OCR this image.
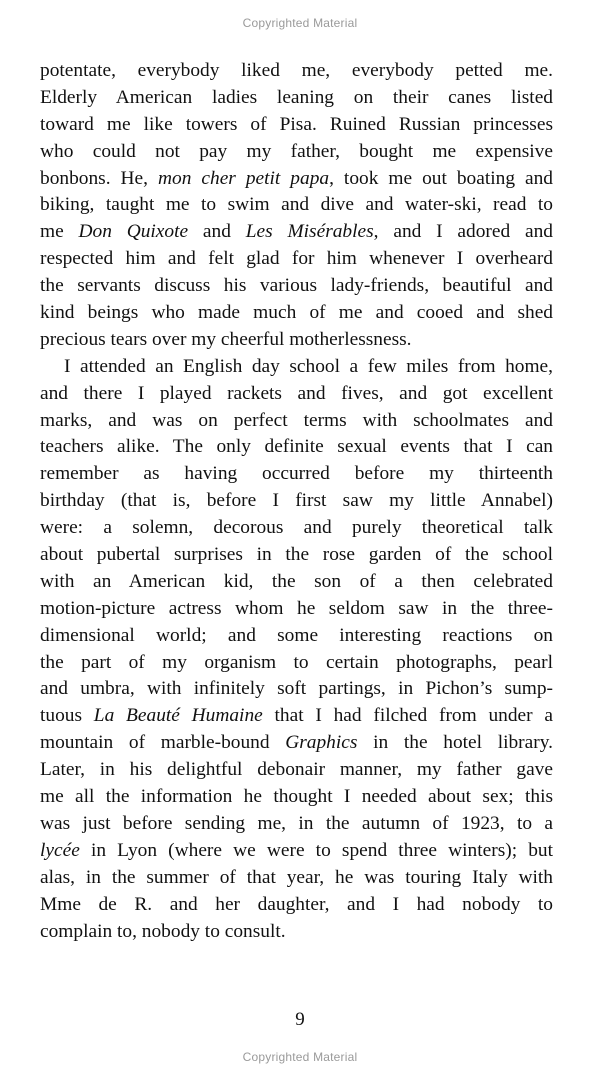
Copyrighted Material
potentate, everybody liked me, everybody petted me.
Elderly American ladies leaning on their canes listed
toward me like towers of Pisa. Ruined Russian princesses
who could not pay my father, bought me expensive
bonbons. He, mon cher petit papa, took me out boating and
biking, taught me to swim and dive and water-ski, read to
me Don Quixote and Les Misérables, and I adored and
respected him and felt glad for him whenever I overheard
the servants discuss his various lady-friends, beautiful and
kind beings who made much of me and cooed and shed
precious tears over my cheerful motherlessness.
I attended an English day school a few miles from home,
and there I played rackets and fives, and got excellent
marks, and was on perfect terms with schoolmates and
teachers alike. The only definite sexual events that I can
remember as having occurred before my thirteenth
birthday (that is, before I first saw my little Annabel)
were: a solemn, decorous and purely theoretical talk
about pubertal surprises in the rose garden of the school
with an American kid, the son of a then celebrated
motion-picture actress whom he seldom saw in the three-
dimensional world; and some interesting reactions on
the part of my organism to certain photographs, pearl
and umbra, with infinitely soft partings, in Pichon’s sump-
tuous La Beauté Humaine that I had filched from under a
mountain of marble-bound Graphics in the hotel library.
Later, in his delightful debonair manner, my father gave
me all the information he thought I needed about sex; this
was just before sending me, in the autumn of 1923, to a
lycée in Lyon (where we were to spend three winters); but
alas, in the summer of that year, he was touring Italy with
Mme de R. and her daughter, and I had nobody to
complain to, nobody to consult.
9
Copyrighted Material
